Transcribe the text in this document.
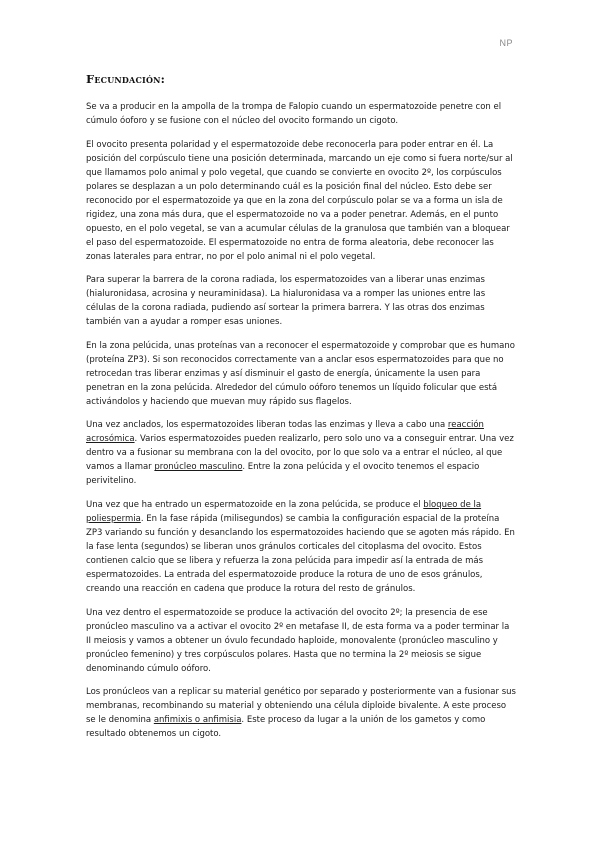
NP
Fecundación:

Se va a producir en la ampolla de la trompa de Falopio cuando un espermatozoide penetre con el cúmulo óoforo y se fusione con el núcleo del ovocito formando un cigoto.

El ovocito presenta polaridad y el espermatozoide debe reconocerla para poder entrar en él. La posición del corpúsculo tiene una posición determinada, marcando un eje como si fuera norte/sur al que llamamos polo animal y polo vegetal, que cuando se convierte en ovocito 2º, los corpúsculos polares se desplazan a un polo determinando cuál es la posición final del núcleo. Esto debe ser reconocido por el espermatozoide ya que en la zona del corpúsculo polar se va a forma un isla de rigidez, una zona más dura, que el espermatozoide no va a poder penetrar. Además, en el punto opuesto, en el polo vegetal, se van a acumular células de la granulosa que también van a bloquear el paso del espermatozoide. El espermatozoide no entra de forma aleatoria, debe reconocer las zonas laterales para entrar, no por el polo animal ni el polo vegetal.

Para superar la barrera de la corona radiada, los espermatozoides van a liberar unas enzimas (hialuronidasa, acrosina y neuraminidasa). La hialuronidasa va a romper las uniones entre las células de la corona radiada, pudiendo así sortear la primera barrera. Y las otras dos enzimas también van a ayudar a romper esas uniones.

En la zona pelúcida, unas proteínas van a reconocer el espermatozoide y comprobar que es humano (proteína ZP3). Si son reconocidos correctamente van a anclar esos espermatozoides para que no retrocedan tras liberar enzimas y así disminuir el gasto de energía, únicamente la usen para penetran en la zona pelúcida. Alrededor del cúmulo oóforo tenemos un líquido folicular que está activándolos y haciendo que muevan muy rápido sus flagelos.

Una vez anclados, los espermatozoides liberan todas las enzimas y lleva a cabo una reacción acrosómica. Varios espermatozoides pueden realizarlo, pero solo uno va a conseguir entrar. Una vez dentro va a fusionar su membrana con la del ovocito, por lo que solo va a entrar el núcleo, al que vamos a llamar pronúcleo masculino. Entre la zona pelúcida y el ovocito tenemos el espacio perivitelino.

Una vez que ha entrado un espermatozoide en la zona pelúcida, se produce el bloqueo de la poliespermia. En la fase rápida (milisegundos) se cambia la configuración espacial de la proteína ZP3 variando su función y desanclando los espermatozoides haciendo que se agoten más rápido. En la fase lenta (segundos) se liberan unos gránulos corticales del citoplasma del ovocito. Estos contienen calcio que se libera y refuerza la zona pelúcida para impedir así la entrada de más espermatozoides. La entrada del espermatozoide produce la rotura de uno de esos gránulos, creando una reacción en cadena que produce la rotura del resto de gránulos.

Una vez dentro el espermatozoide se produce la activación del ovocito 2º; la presencia de ese pronúcleo masculino va a activar el ovocito 2º en metafase II, de esta forma va a poder terminar la II meiosis y vamos a obtener un óvulo fecundado haploide, monovalente (pronúcleo masculino y pronúcleo femenino) y tres corpúsculos polares. Hasta que no termina la 2º meiosis se sigue denominando cúmulo oóforo.

Los pronúcleos van a replicar su material genético por separado y posteriormente van a fusionar sus membranas, recombinando su material y obteniendo una célula diploide bivalente. A este proceso se le denomina anfimixis o anfimisia. Este proceso da lugar a la unión de los gametos y como resultado obtenemos un cigoto.
